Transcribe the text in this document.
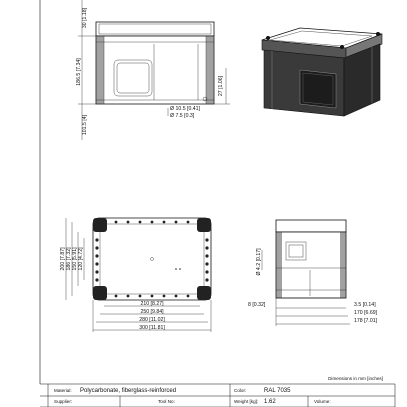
30 [1.18]
186.5 [7.34]
101.5 [4]
27 [1.06]
Ø 10.5 [0.41]
Ø 7.5 [0.3]
200 [7.87] 186 [7.32] 150 [5.91] 120 [4.72]
210 [8.27]
250 [9.84]
280 [11.02]
300 [11.81]
Ø 4.2 [0.17]
8 [0.32]	3.5 [0.14]
170 [6.69]
178 [7.01]
Dimensions in mm [inches]
Material: Polycarbonate, fiberglass-reinforced	Color:	RAL 7035
Supplier:	Tool No:	Weight [kg]: 1.62	Volume:
